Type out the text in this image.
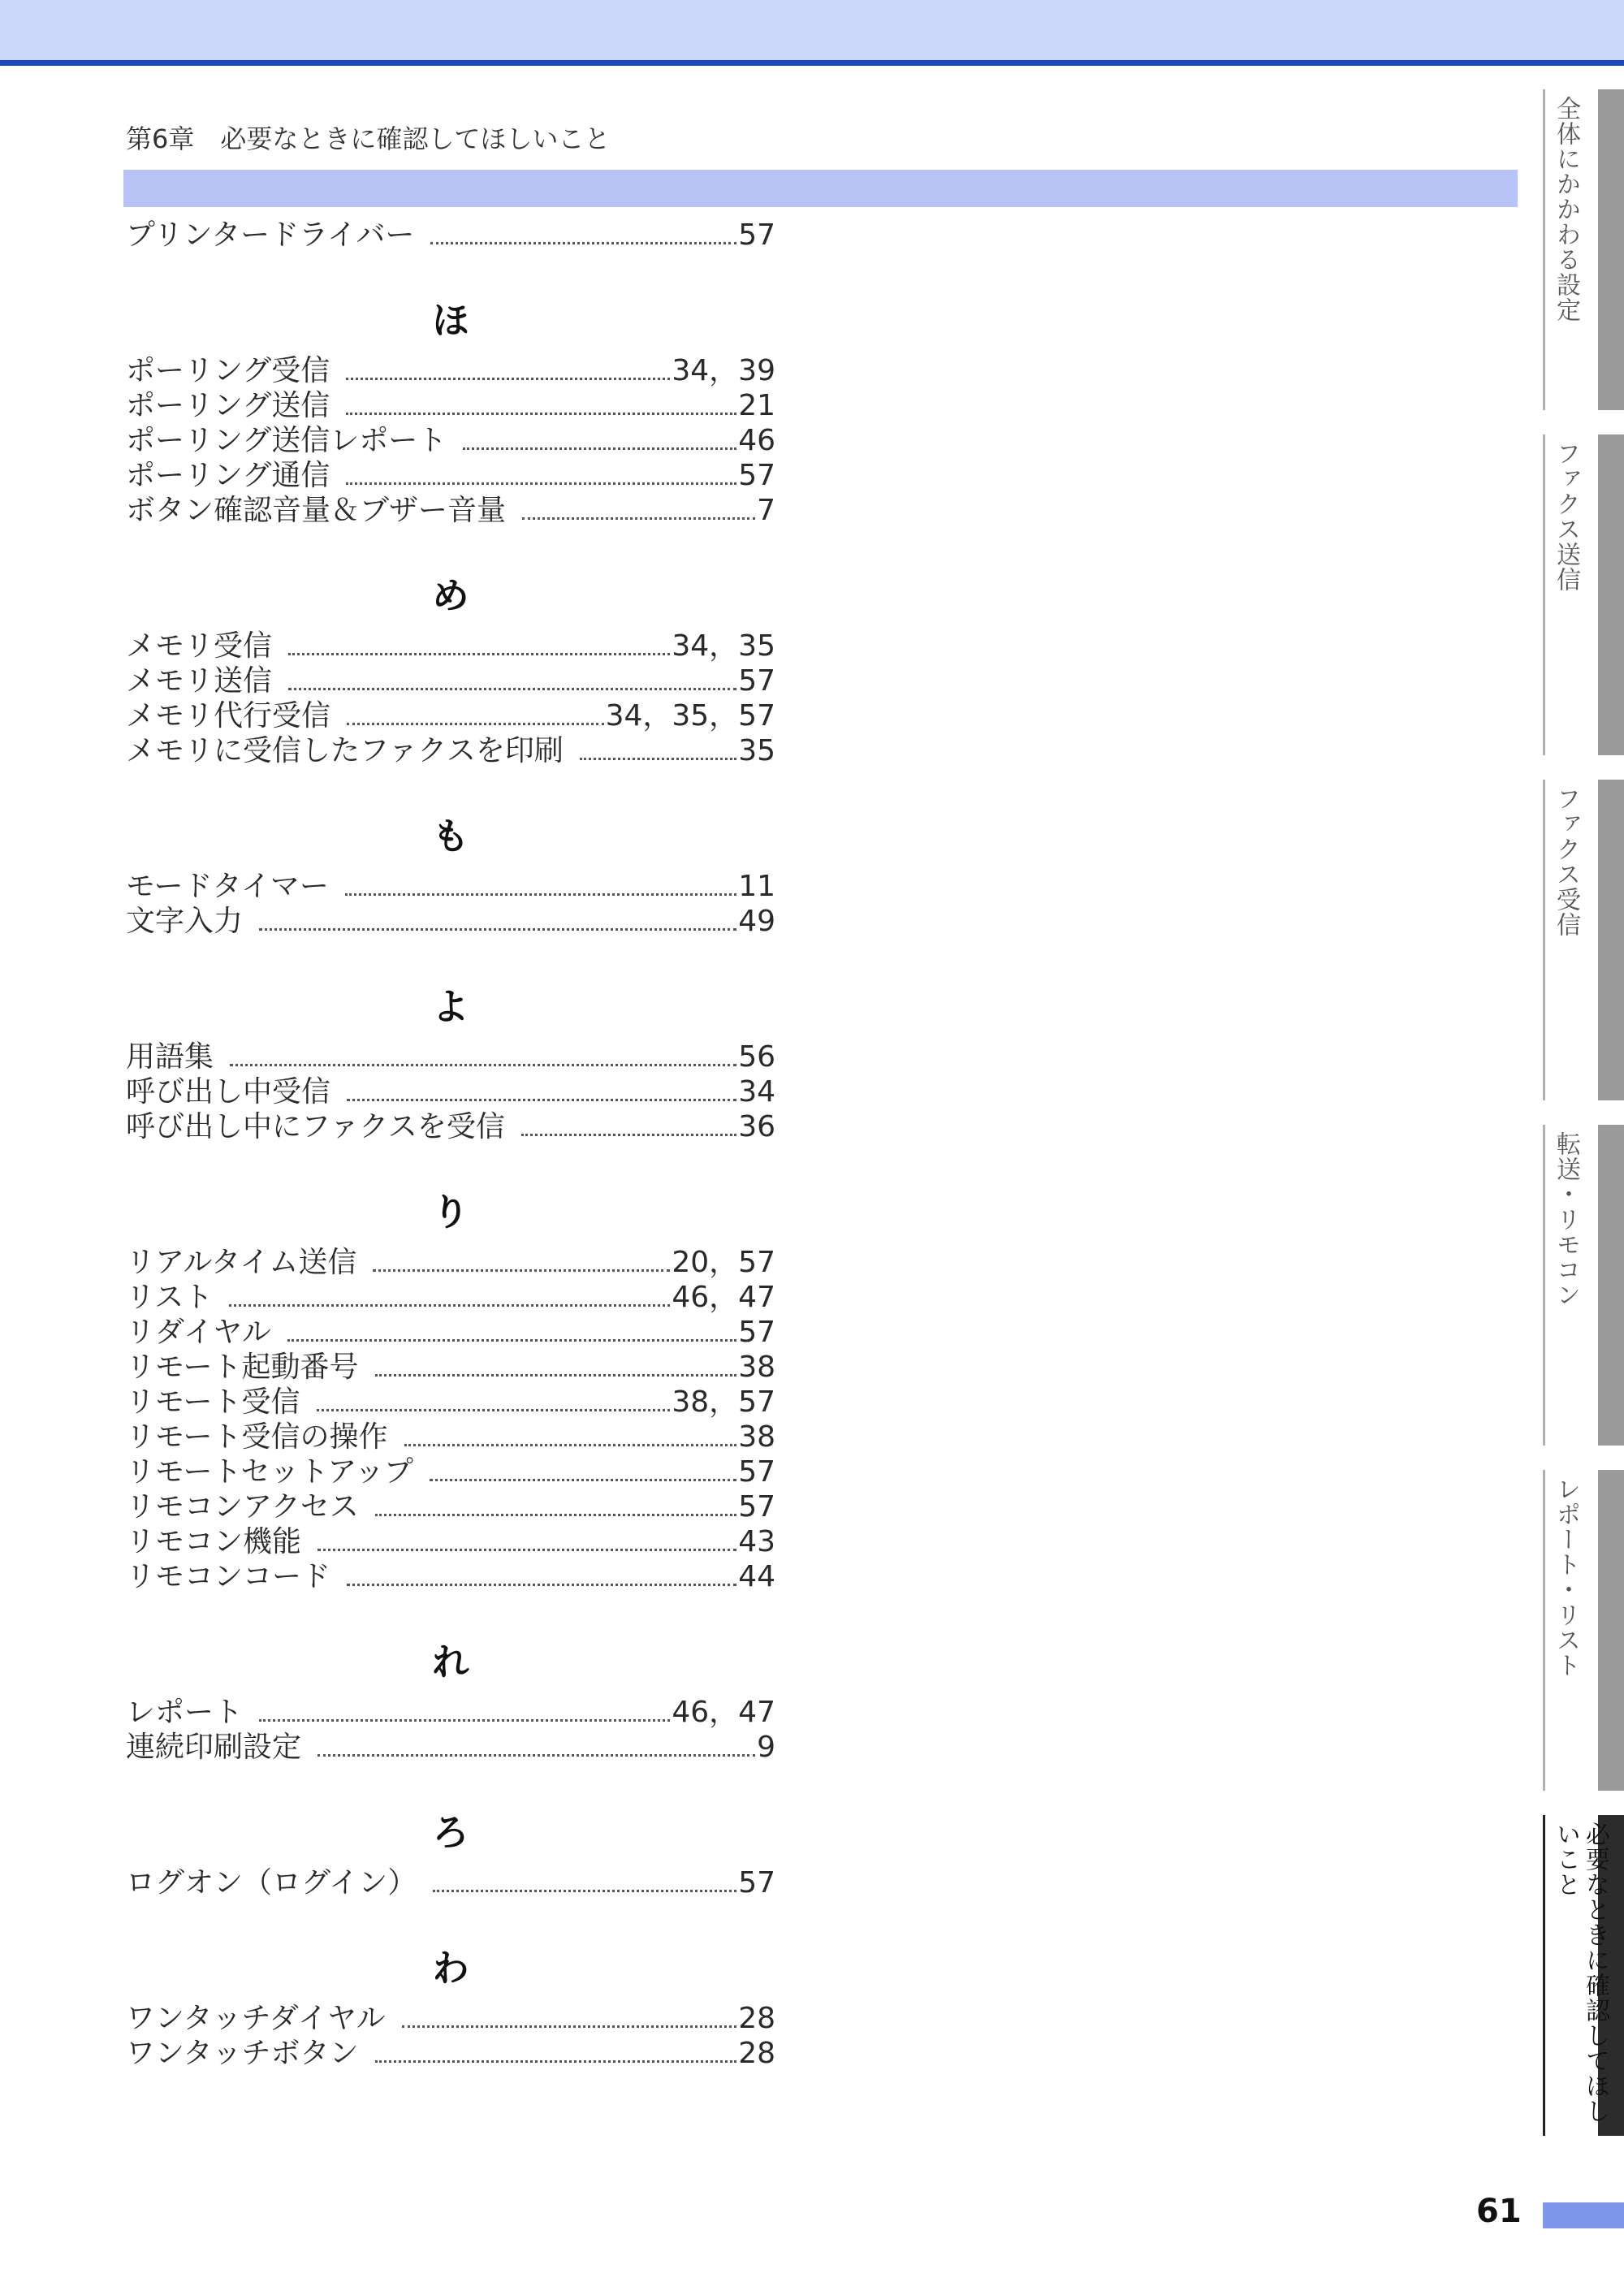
第6章　必要なときに確認してほしいこと
プリンタードライバー	57
ほ
ポーリング受信	34，39
ポーリング送信	21
ポーリング送信レポート	46
ポーリング通信	57
ボタン確認音量＆ブザー音量	7
め
メモリ受信	34，35
メモリ送信	57
メモリ代行受信	34，35，57
メモリに受信したファクスを印刷	35
も
モードタイマー	11
文字入力	49
よ
用語集	56
呼び出し中受信	34
呼び出し中にファクスを受信	36
り
リアルタイム送信	20，57
リスト	46，47
リダイヤル	57
リモート起動番号	38
リモート受信	38，57
リモート受信の操作	38
リモートセットアップ	57
リモコンアクセス	57
リモコン機能	43
リモコンコード	44
れ
レポート	46，47
連続印刷設定	9
ろ
ログオン（ログイン）	57
わ
ワンタッチダイヤル	28
ワンタッチボタン	28
全体にかかわる設定
ファクス送信
ファクス受信
転送・リモコン
レポート・リスト
必要なときに確認してほしいこと
61
